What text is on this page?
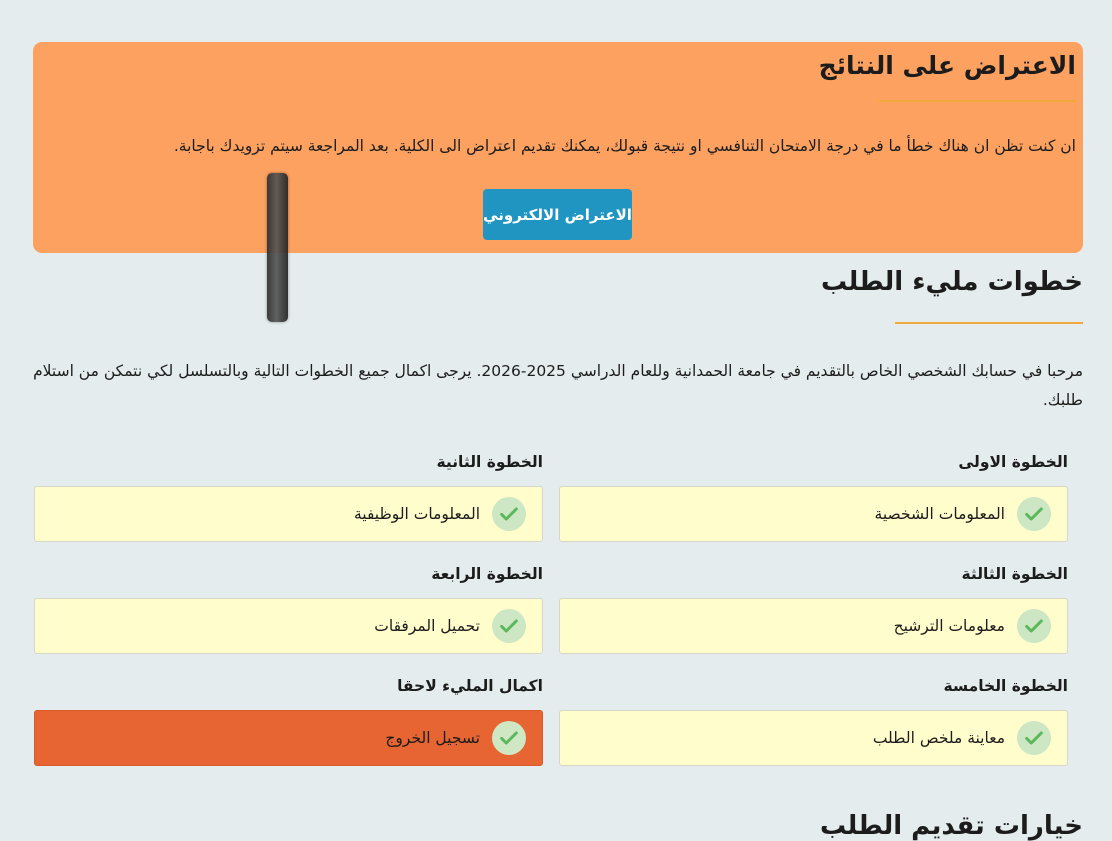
الاعتراض على النتائج

ان كنت تظن ان هناك خطأ ما في درجة الامتحان التنافسي او نتيجة قبولك، يمكنك تقديم اعتراض الى الكلية. بعد المراجعة سيتم تزويدك باجابة.

الاعتراض الالكتروني
خطوات مليء الطلب

مرحبا في حسابك الشخصي الخاص بالتقديم في جامعة الحمدانية وللعام الدراسي 2025-2026. يرجى اكمال جميع الخطوات التالية وبالتسلسل لكي نتمكن من استلام طلبك.

الخطوة الاولى
المعلومات الشخصية
الخطوة الثانية
المعلومات الوظيفية
الخطوة الثالثة
معلومات الترشيح
الخطوة الرابعة
تحميل المرفقات
الخطوة الخامسة
معاينة ملخص الطلب
اكمال المليء لاحقا
تسجيل الخروج
خيارات تقديم الطلب
